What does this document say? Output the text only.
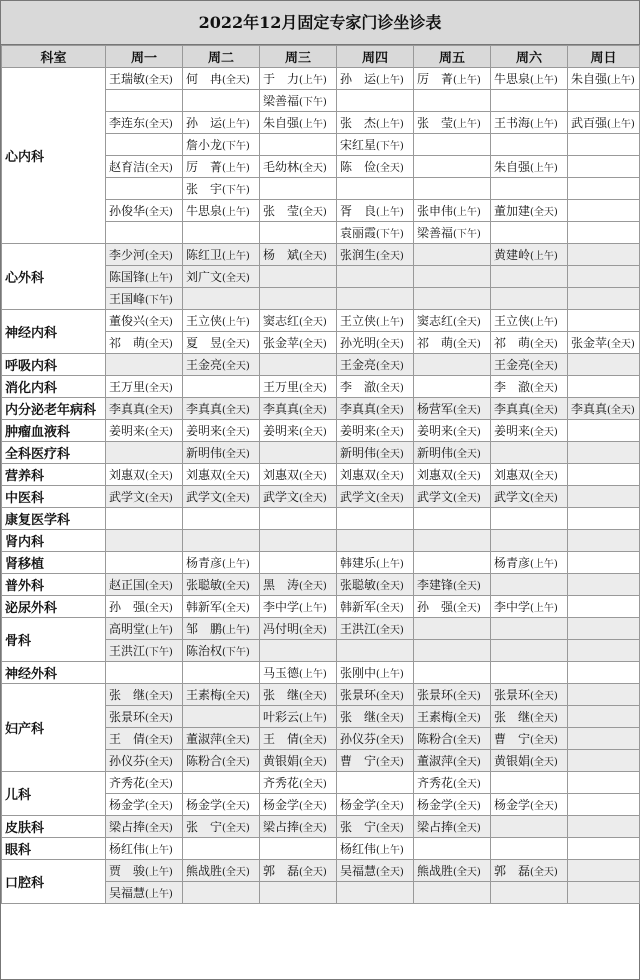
2022年12月固定专家门诊坐诊表
科室	周一	周二	周三	周四	周五	周六	周日
心内科	王瑞敏(全天)	何　冉(全天)	于　力(上午)	孙　运(上午)	厉　菁(上午)	牛思泉(上午)	朱自强(上午)
			梁善福(下午)				
	李连东(全天)	孙　运(上午)	朱自强(上午)	张　杰(上午)	张　莹(上午)	王书海(上午)	武百强(上午)
		詹小龙(下午)		宋红星(下午)			
	赵育洁(全天)	厉　菁(上午)	毛幼林(全天)	陈　俭(全天)		朱自强(上午)	
		张　宇(下午)					
	孙俊华(全天)	牛思泉(上午)	张　莹(全天)	胥　良(上午)	张申伟(上午)	董加建(全天)	
				袁丽霞(下午)	梁善福(下午)		
心外科	李少河(全天)	陈红卫(上午)	杨　斌(全天)	张润生(全天)		黄建岭(上午)	
	陈国锋(上午)	刘广文(全天)					
	王国峰(下午)						
神经内科	董俊兴(全天)	王立侠(上午)	窦志红(全天)	王立侠(上午)	窦志红(全天)	王立侠(上午)	
	祁　萌(全天)	夏　昱(全天)	张金苹(全天)	孙光明(全天)	祁　萌(全天)	祁　萌(全天)	张金苹(全天)
呼吸内科		王金亮(全天)		王金亮(全天)		王金亮(全天)	
消化内科	王万里(全天)		王万里(全天)	李　澈(全天)		李　澈(全天)	
内分泌老年病科	李真真(全天)	李真真(全天)	李真真(全天)	李真真(全天)	杨营军(全天)	李真真(全天)	李真真(全天)
肿瘤血液科	姜明来(全天)	姜明来(全天)	姜明来(全天)	姜明来(全天)	姜明来(全天)	姜明来(全天)	
全科医疗科		新明伟(全天)		新明伟(全天)	新明伟(全天)		
营养科	刘惠双(全天)	刘惠双(全天)	刘惠双(全天)	刘惠双(全天)	刘惠双(全天)	刘惠双(全天)	
中医科	武学文(全天)	武学文(全天)	武学文(全天)	武学文(全天)	武学文(全天)	武学文(全天)	
康复医学科							
肾内科							
肾移植		杨青彦(上午)		韩建乐(上午)		杨青彦(上午)	
普外科	赵正国(全天)	张聪敏(全天)	黑　涛(全天)	张聪敏(全天)	李建锋(全天)		
泌尿外科	孙　强(全天)	韩新军(全天)	李中学(上午)	韩新军(全天)	孙　强(全天)	李中学(上午)	
骨科	高明堂(上午)	邹　鹏(上午)	冯付明(全天)	王洪江(全天)			
	王洪江(下午)	陈治权(下午)					
神经外科			马玉德(上午)	张刚中(上午)			
妇产科	张　继(全天)	王素梅(全天)	张　继(全天)	张景环(全天)	张景环(全天)	张景环(全天)	
	张景环(全天)		叶彩云(上午)	张　继(全天)	王素梅(全天)	张　继(全天)	
	王　倩(全天)	董淑萍(全天)	王　倩(全天)	孙仪芬(全天)	陈粉合(全天)	曹　宁(全天)	
	孙仪芬(全天)	陈粉合(全天)	黄银娟(全天)	曹　宁(全天)	董淑萍(全天)	黄银娟(全天)	
儿科	齐秀花(全天)		齐秀花(全天)		齐秀花(全天)		
	杨金学(全天)	杨金学(全天)	杨金学(全天)	杨金学(全天)	杨金学(全天)	杨金学(全天)	
皮肤科	梁占捧(全天)	张　宁(全天)	梁占捧(全天)	张　宁(全天)	梁占捧(全天)		
眼科	杨红伟(上午)			杨红伟(上午)			
口腔科	贾　骏(上午)	熊战胜(全天)	郭　磊(全天)	吴福慧(全天)	熊战胜(全天)	郭　磊(全天)	
	吴福慧(上午)						
